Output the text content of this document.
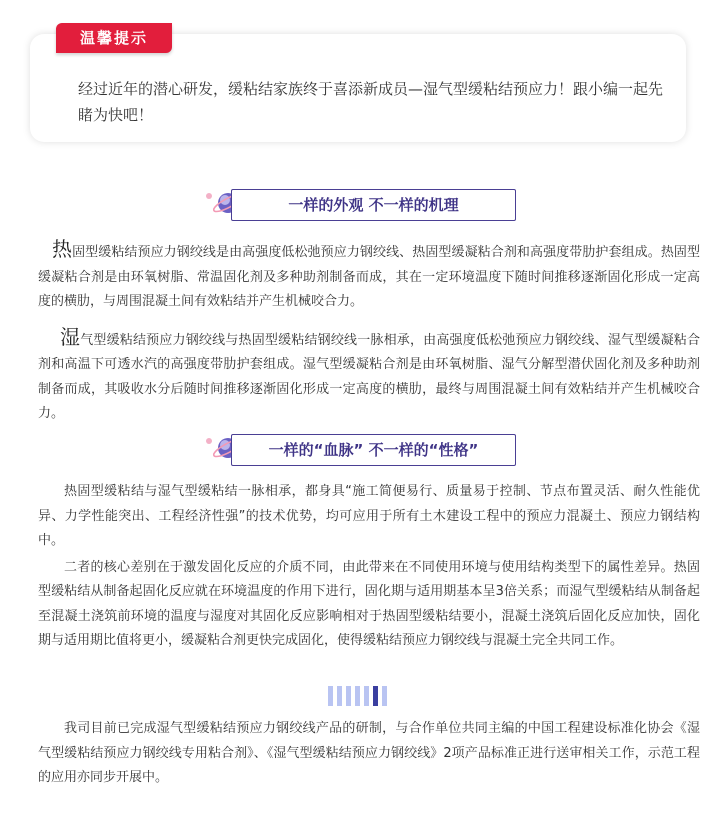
温馨提示
经过近年的潜心研发，缓粘结家族终于喜添新成员—湿气型缓粘结预应力！跟小编一起先睹为快吧！
一样的外观 不一样的机理

热固型缓粘结预应力钢绞线是由高强度低松弛预应力钢绞线、热固型缓凝粘合剂和高强度带肋护套组成。热固型缓凝粘合剂是由环氧树脂、常温固化剂及多种助剂制备而成，其在一定环境温度下随时间推移逐渐固化形成一定高度的横肋，与周围混凝土间有效粘结并产生机械咬合力。

湿气型缓粘结预应力钢绞线与热固型缓粘结钢绞线一脉相承，由高强度低松弛预应力钢绞线、湿气型缓凝粘合剂和高温下可透水汽的高强度带肋护套组成。湿气型缓凝粘合剂是由环氧树脂、湿气分解型潜伏固化剂及多种助剂制备而成，其吸收水分后随时间推移逐渐固化形成一定高度的横肋，最终与周围混凝土间有效粘结并产生机械咬合力。

一样的“血脉” 不一样的“性格”

热固型缓粘结与湿气型缓粘结一脉相承，都身具“施工简便易行、质量易于控制、节点布置灵活、耐久性能优异、力学性能突出、工程经济性强”的技术优势，均可应用于所有土木建设工程中的预应力混凝土、预应力钢结构中。

二者的核心差别在于激发固化反应的介质不同，由此带来在不同使用环境与使用结构类型下的属性差异。热固型缓粘结从制备起固化反应就在环境温度的作用下进行，固化期与适用期基本呈3倍关系；而湿气型缓粘结从制备起至混凝土浇筑前环境的温度与湿度对其固化反应影响相对于热固型缓粘结要小，混凝土浇筑后固化反应加快，固化期与适用期比值将更小，缓凝粘合剂更快完成固化，使得缓粘结预应力钢绞线与混凝土完全共同工作。

我司目前已完成湿气型缓粘结预应力钢绞线产品的研制，与合作单位共同主编的中国工程建设标准化协会《湿气型缓粘结预应力钢绞线专用粘合剂》、《湿气型缓粘结预应力钢绞线》2项产品标准正进行送审相关工作，示范工程的应用亦同步开展中。
